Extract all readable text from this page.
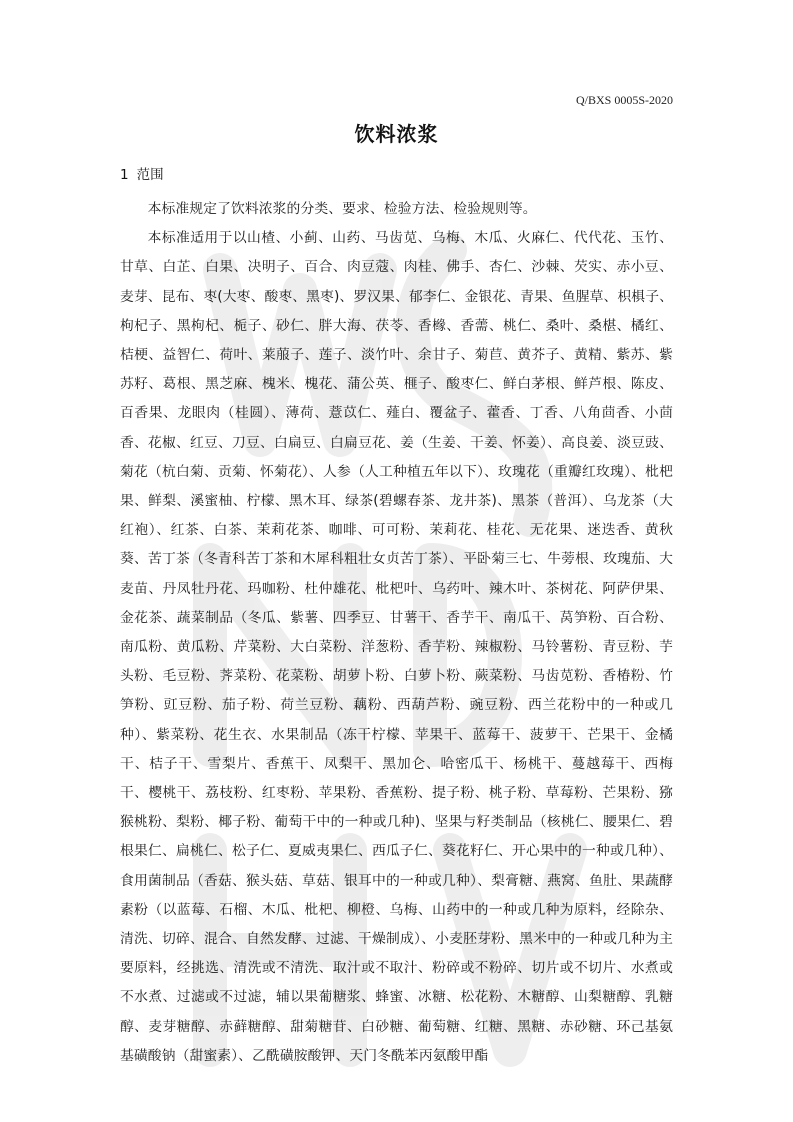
Q/BXS 0005S-2020
饮料浓浆
1 范围

本标准规定了饮料浓浆的分类、要求、检验方法、检验规则等。

本标准适用于以山楂、小蓟、山药、马齿苋、乌梅、木瓜、火麻仁、代代花、玉竹、甘草、白芷、白果、决明子、百合、肉豆蔻、肉桂、佛手、杏仁、沙棘、芡实、赤小豆、麦芽、昆布、枣(大枣、酸枣、黑枣)、罗汉果、郁李仁、金银花、青果、鱼腥草、枳椇子、枸杞子、黑枸杞、栀子、砂仁、胖大海、茯苓、香橼、香薷、桃仁、桑叶、桑椹、橘红、桔梗、益智仁、荷叶、莱菔子、莲子、淡竹叶、余甘子、菊苣、黄芥子、黄精、紫苏、紫苏籽、葛根、黑芝麻、槐米、槐花、蒲公英、榧子、酸枣仁、鲜白茅根、鲜芦根、陈皮、百香果、龙眼肉（桂圆）、薄荷、薏苡仁、薤白、覆盆子、藿香、丁香、八角茴香、小茴香、花椒、红豆、刀豆、白扁豆、白扁豆花、姜（生姜、干姜、怀姜）、高良姜、淡豆豉、菊花（杭白菊、贡菊、怀菊花）、人参（人工种植五年以下）、玫瑰花（重瓣红玫瑰）、枇杷果、鲜梨、溪蜜柚、柠檬、黑木耳、绿茶(碧螺春茶、龙井茶)、黑茶（普洱）、乌龙茶（大红袍）、红茶、白茶、茉莉花茶、咖啡、可可粉、茉莉花、桂花、无花果、迷迭香、黄秋葵、苦丁茶（冬青科苦丁茶和木犀科粗壮女贞苦丁茶）、平卧菊三七、牛蒡根、玫瑰茄、大麦苗、丹凤牡丹花、玛咖粉、杜仲雄花、枇杷叶、乌药叶、辣木叶、茶树花、阿萨伊果、金花茶、蔬菜制品（冬瓜、紫薯、四季豆、甘薯干、香芋干、南瓜干、莴笋粉、百合粉、南瓜粉、黄瓜粉、芹菜粉、大白菜粉、洋葱粉、香芋粉、辣椒粉、马铃薯粉、青豆粉、芋头粉、毛豆粉、荠菜粉、花菜粉、胡萝卜粉、白萝卜粉、蕨菜粉、马齿苋粉、香椿粉、竹笋粉、豇豆粉、茄子粉、荷兰豆粉、藕粉、西葫芦粉、豌豆粉、西兰花粉中的一种或几种）、紫菜粉、花生衣、水果制品（冻干柠檬、苹果干、蓝莓干、菠萝干、芒果干、金橘干、桔子干、雪梨片、香蕉干、凤梨干、黑加仑、哈密瓜干、杨桃干、蔓越莓干、西梅干、樱桃干、荔枝粉、红枣粉、苹果粉、香蕉粉、提子粉、桃子粉、草莓粉、芒果粉、猕猴桃粉、梨粉、椰子粉、葡萄干中的一种或几种)、坚果与籽类制品（核桃仁、腰果仁、碧根果仁、扁桃仁、松子仁、夏威夷果仁、西瓜子仁、葵花籽仁、开心果中的一种或几种）、食用菌制品（香菇、猴头菇、草菇、银耳中的一种或几种）、梨膏糖、燕窝、鱼肚、果蔬酵素粉（以蓝莓、石榴、木瓜、枇杷、柳橙、乌梅、山药中的一种或几种为原料，经除杂、清洗、切碎、混合、自然发酵、过滤、干燥制成）、小麦胚芽粉、黑米中的一种或几种为主要原料，经挑选、清洗或不清洗、取汁或不取汁、粉碎或不粉碎、切片或不切片、水煮或不水煮、过滤或不过滤，辅以果葡糖浆、蜂蜜、冰糖、松花粉、木糖醇、山梨糖醇、乳糖醇、麦芽糖醇、赤藓糖醇、甜菊糖苷、白砂糖、葡萄糖、红糖、黑糖、赤砂糖、环己基氨基磺酸钠（甜蜜素）、乙酰磺胺酸钾、天门冬酰苯丙氨酸甲酯
